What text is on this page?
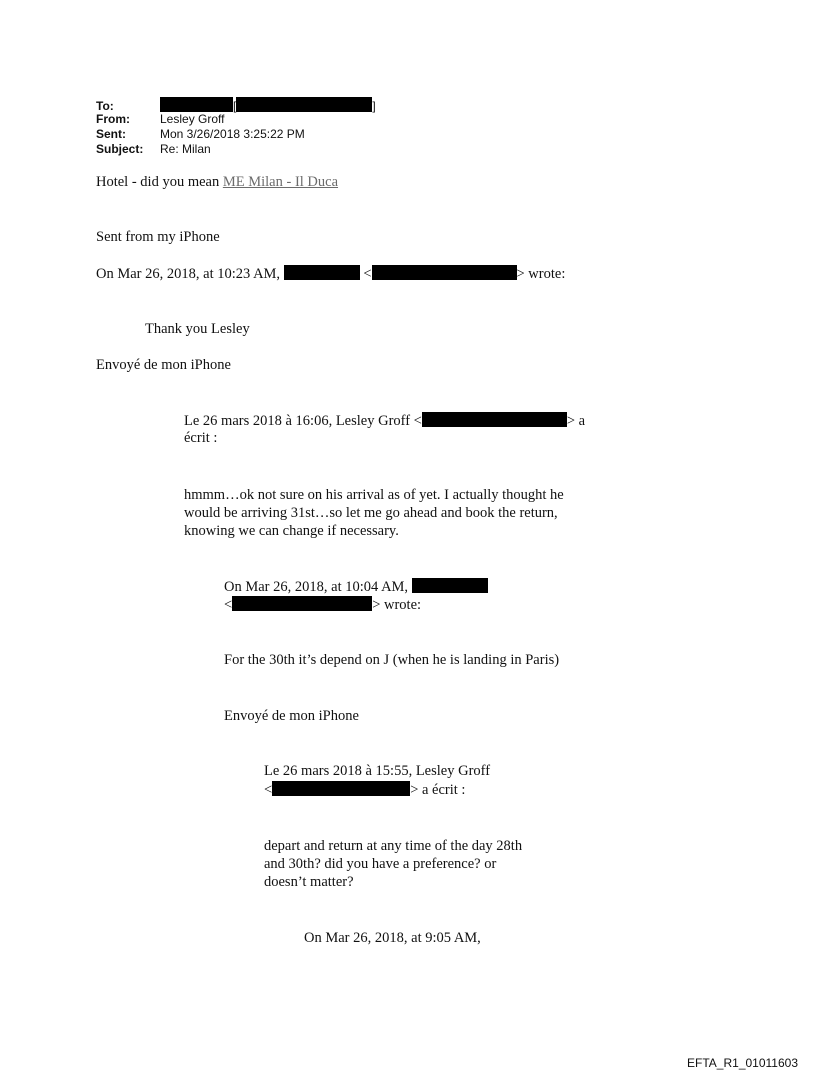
To:	[	]
From:	Lesley Groff
Sent:	Mon 3/26/2018 3:25:22 PM
Subject: Re: Milan
Hotel - did you mean ME Milan - Il Duca
Sent from my iPhone
On Mar 26, 2018, at 10:23 AM,	<	> wrote:
Thank you Lesley
Envoyé de mon iPhone
Le 26 mars 2018 à 16:06, Lesley Groff <	> a
écrit :
hmmm…ok not sure on his arrival as of yet. I actually thought he
would be arriving 31st…so let me go ahead and book the return,
knowing we can change if necessary.
On Mar 26, 2018, at 10:04 AM,
<	> wrote:
For the 30th it’s depend on J (when he is landing in Paris)
Envoyé de mon iPhone
Le 26 mars 2018 à 15:55, Lesley Groff
<	> a écrit :
depart and return at any time of the day 28th
and 30th? did you have a preference? or
doesn’t matter?
On Mar 26, 2018, at 9:05 AM,
EFTA_R1_01011603
